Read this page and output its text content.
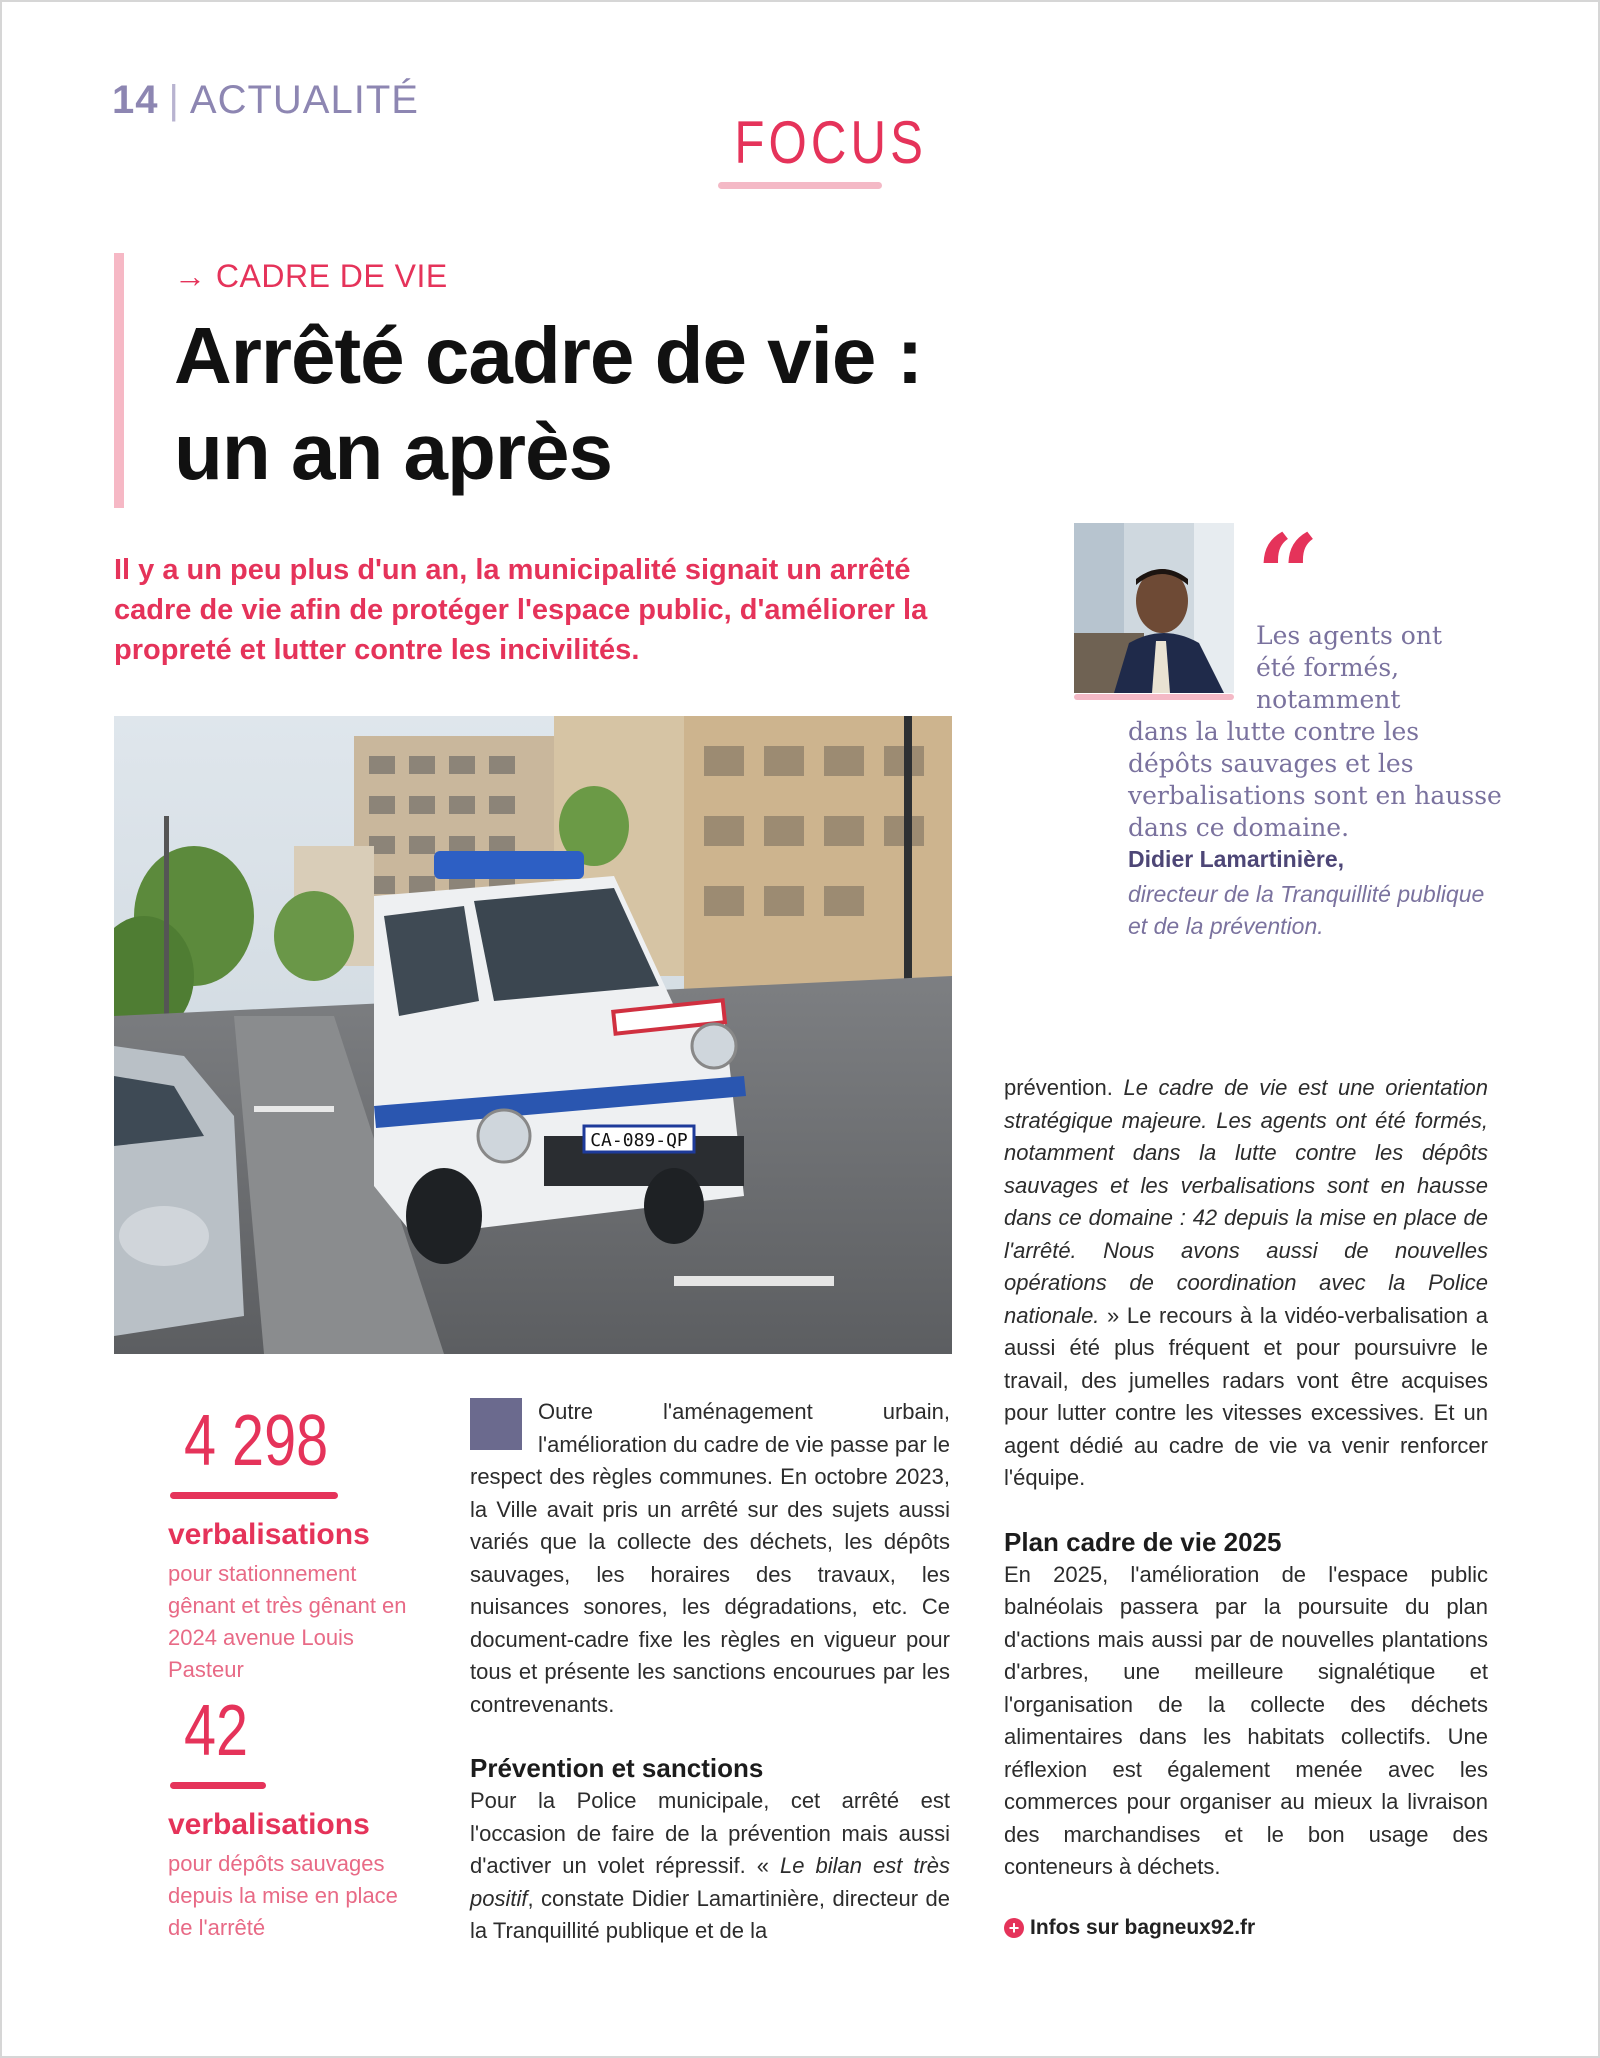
14 | ACTUALITÉ
FOCUS
→ CADRE DE VIE
Arrêté cadre de vie :
un an après
Il y a un peu plus d'un an, la municipalité signait un arrêté cadre de vie afin de protéger l'espace public, d'améliorer la propreté et lutter contre les incivilités.
CA-089-QP
“
Les agents ont été formés, notamment
dans la lutte contre les dépôts sauvages et les verbalisations sont en hausse dans ce domaine.
Didier Lamartinière,
directeur de la Tranquillité publique et de la prévention.
4 298
verbalisations
pour stationnement gênant et très gênant en 2024 avenue Louis Pasteur
42
verbalisations
pour dépôts sauvages depuis la mise en place de l'arrêté

Outre l'aménagement urbain, l'amélioration du cadre de vie passe par le respect des règles communes. En octobre 2023, la Ville avait pris un arrêté sur des sujets aussi variés que la collecte des déchets, les dépôts sauvages, les horaires des travaux, les nuisances sonores, les dégradations, etc. Ce document-cadre fixe les règles en vigueur pour tous et présente les sanctions encourues par les contrevenants.

Prévention et sanctions

Pour la Police municipale, cet arrêté est l'occasion de faire de la prévention mais aussi d'activer un volet répressif. « Le bilan est très positif, constate Didier Lamartinière, directeur de la Tranquillité publique et de la

prévention. Le cadre de vie est une orientation stratégique majeure. Les agents ont été formés, notamment dans la lutte contre les dépôts sauvages et les verbalisations sont en hausse dans ce domaine : 42 depuis la mise en place de l'arrêté. Nous avons aussi de nouvelles opérations de coordination avec la Police nationale. » Le recours à la vidéo-verbalisation a aussi été plus fréquent et pour poursuivre le travail, des jumelles radars vont être acquises pour lutter contre les vitesses excessives. Et un agent dédié au cadre de vie va venir renforcer l'équipe.

Plan cadre de vie 2025

En 2025, l'amélioration de l'espace public balnéolais passera par la poursuite du plan d'actions mais aussi par de nouvelles plantations d'arbres, une meilleure signalétique et l'organisation de la collecte des déchets alimentaires dans les habitats collectifs. Une réflexion est également menée avec les commerces pour organiser au mieux la livraison des marchandises et le bon usage des conteneurs à déchets.

+ Infos sur bagneux92.fr
